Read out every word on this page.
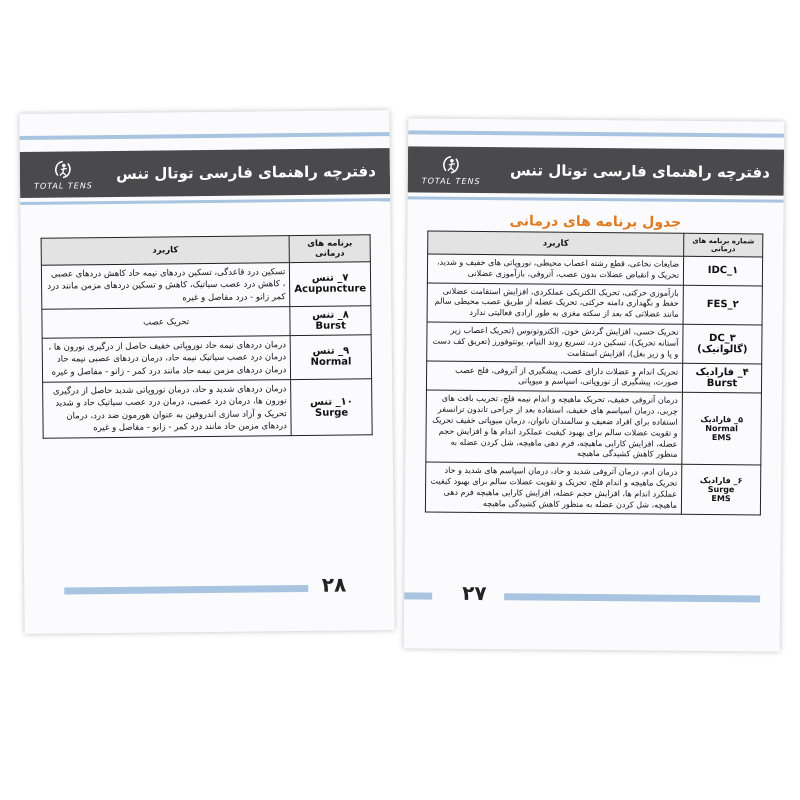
TOTAL TENS
دفترچه راهنمای فارسی توتال تنس
برنامه های درمانی	کاربرد
۷_ تنس
Acupuncture	تسکین درد قاعدگی، تسکین دردهای نیمه حاد کاهش دردهای عصبی ، کاهش درد عصب سیاتیک، کاهش و تسکین دردهای مزمن مانند درد کمر زانو - درد مفاصل و غیره
۸_ تنس
Burst	تحریک عصب
۹_ تنس
Normal	درمان دردهای نیمه حاد نوروپاتی خفیف حاصل از درگیری نورون ها ، درمان درد عصب سیاتیک نیمه حاد، درمان دردهای عصبی نیمه حاد درمان دردهای مزمن نیمه حاد مانند درد کمر - زانو - مفاصل و غیره
۱۰_ تنس
Surge	درمان دردهای شدید و حاد، درمان نوروپاتی شدید حاصل از درگیری نورون ها، درمان درد عصبی، درمان درد عصب سیاتیک حاد و شدید تحریک و آزاد سازی اندروفین به عنوان هورمون ضد درد، درمان دردهای مزمن حاد مانند درد کمر - زانو - مفاصل و غیره
۲۸
TOTAL TENS دفترچه راهنمای فارسی توتال تنس
جدول برنامه های درمانی
شماره برنامه های درمانی	کاربرد
IDC_۱	ضایعات نخاعی، قطع رشته اعصاب محیطی، نوروپاتی های خفیف و شدید، تحریک و انقباض عضلات بدون عصب، آتروفی، بازآموزی عضلانی
FES_۲	بازآموزی حرکتی، تحریک الکتریکی عملکردی، افزایش استقامت عضلانی حفظ و نگهداری دامنه حرکتی، تحریک عضله از طریق عصب محیطی سالم مانند عضلاتی که بعد از سکته مغزی به طور ارادی فعالیتی ندارد
DC_۳
(گالوانیک)	تحریک حسی، افزایش گردش خون، الکتروتونوس (تحریک اعصاب زیر آستانه تحریک)، تسکین درد، تسریع روند التیام، یونتوفورز (تعریق کف دست و پا و زیر بغل)، افزایش استقامت
۴_ فارادیک
Burst	تحریک اندام و عضلات دارای عصب، پیشگیری از آتروفی، فلج عصب صورت، پیشگیری از نوروپاتی، اسپاسم و میوپاتی
۵_ فارادیک Normal
EMS	درمان آتروفی خفیف، تحریک ماهیچه و اندام نیمه فلج، تخریب بافت های چربی، درمان اسپاسم های خفیف، استفاده بعد از جراحی تاندون ترانسفر استفاده برای افراد ضعیف و سالمندان ناتوان، درمان میوپاتی خفیف تحریک و تقویت عضلات سالم برای بهبود کیفیت عملکرد اندام ها و افزایش حجم عضله، افزایش کارایی ماهیچه، فرم دهی ماهیچه، شل کردن عضله به منظور کاهش کشیدگی ماهیچه
۶_ فارادیک Surge
EMS	درمان ادم، درمان آتروفی شدید و حاد، درمان اسپاسم های شدید و حاد تحریک ماهیچه و اندام فلج، تحریک و تقویت عضلات سالم برای بهبود کیفیت عملکرد اندام ها، افزایش حجم عضله، افزایش کارایی ماهیچه فرم دهی ماهیچه، شل کردن عضله به منظور کاهش کشیدگی ماهیچه
۲۷
